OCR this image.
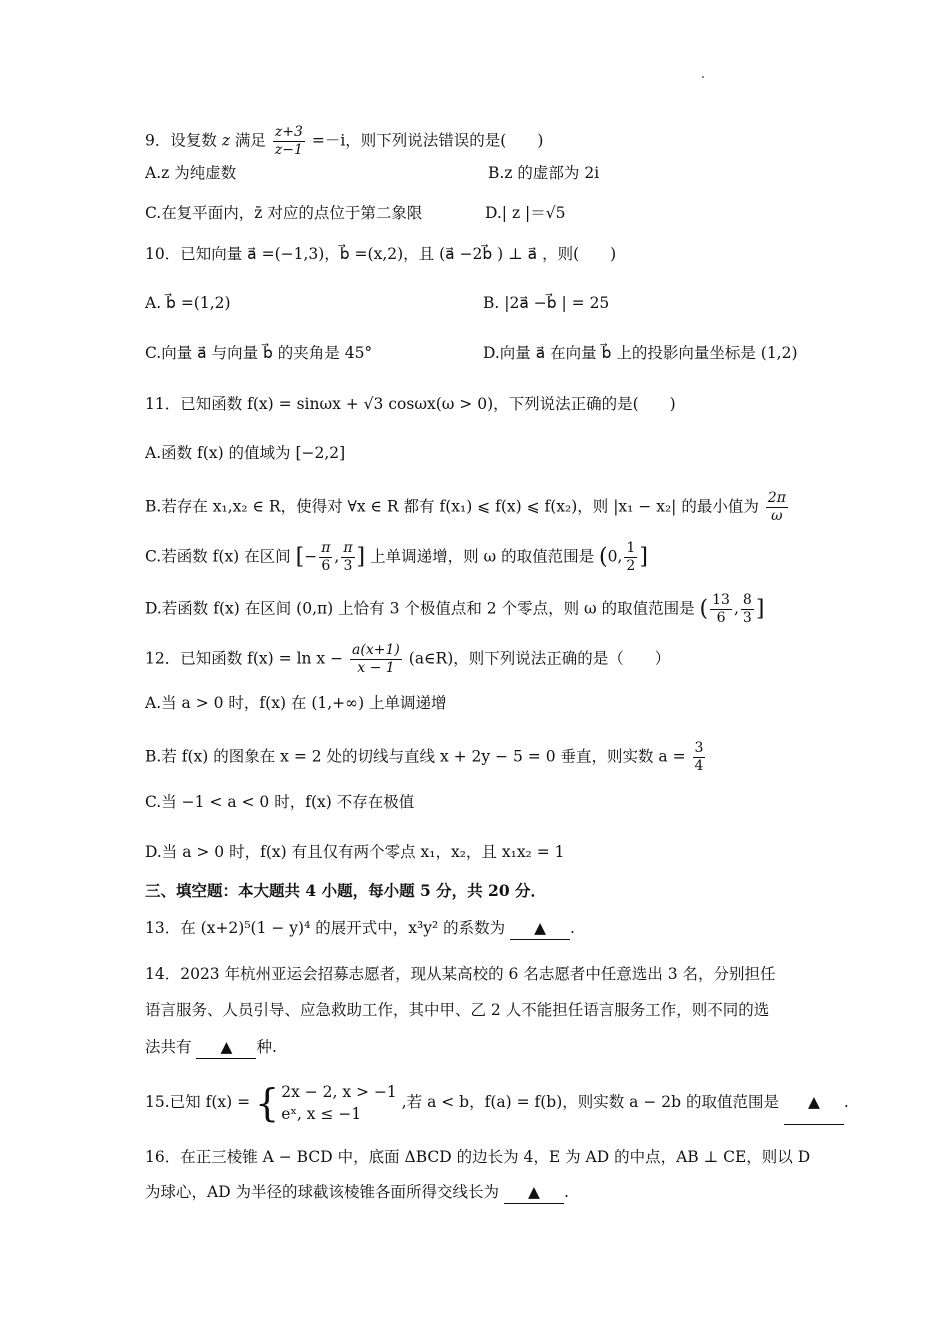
9．设复数 z 满足 $\frac{z+3}{z-1} =-i$，则下列说法错误的是(　　)
A.z 为纯虚数	B.z 的虚部为 2i
C.在复平面内，z̄ 对应的点位于第二象限	D.| z |＝√5
10．已知向量 a⃗ =(−1,3)，b⃗ =(x,2)，且 (a⃗ −2b⃗ ) ⊥ a⃗ ，则(　　)
A. b⃗ =(1,2)	B. |2a⃗ −b⃗ | = 25
C.向量 a⃗ 与向量 b⃗ 的夹角是 45°	D.向量 a⃗ 在向量 b⃗ 上的投影向量坐标是 (1,2)
11．已知函数 f(x) = sinωx + √3 cosωx(ω > 0)，下列说法正确的是(　　)
A.函数 f(x) 的值域为 [−2,2]
B.若存在 x₁,x₂ ∈ R，使得对 ∀x ∈ R 都有 f(x₁) ⩽ f(x) ⩽ f(x₂)，则 |x₁ − x₂| 的最小值为 $\frac{2\pi}{\omega}$
C.若函数 f(x) 在区间 [− $\frac{\pi}{6}$ , $\frac{\pi}{3}$ ] 上单调递增，则 ω 的取值范围是 (0, $\frac{1}{2}$ ]
D.若函数 f(x) 在区间 (0,π) 上恰有 3 个极值点和 2 个零点，则 ω 的取值范围是 ( $\frac{13}{6}$ , $\frac{8}{3}$ ]
12．已知函数 $f(x) = \ln x - \frac{a(x+1)}{x - 1}$ (a∈R)，则下列说法正确的是（　　）
A.当 a > 0 时，f(x) 在 (1,+∞) 上单调递增
B.若 f(x) 的图象在 x = 2 处的切线与直线 x + 2y − 5 = 0 垂直，则实数 $a = \frac{3}{4}$
C.当 −1 < a < 0 时，f(x) 不存在极值
D.当 a > 0 时，f(x) 有且仅有两个零点 x₁，x₂，且 x₁x₂ = 1
三、填空题：本大题共 4 小题，每小题 5 分，共 20 分．
13．在 (x+2)⁵(1 − y)⁴ 的展开式中，x³y² 的系数为 ▲ .
14．2023 年杭州亚运会招募志愿者，现从某高校的 6 名志愿者中任意选出 3 名，分别担任
语言服务、人员引导、应急救助工作，其中甲、乙 2 人不能担任语言服务工作，则不同的选
法共有 ▲ 种.
15.已知 f(x) = { 2x − 2, x > −1
eˣ, x ≤ −1
,若 a < b，f(a) = f(b)，则实数 a − 2b 的取值范围是 ▲ .
16．在正三棱锥 A − BCD 中，底面 ΔBCD 的边长为 4，E 为 AD 的中点，AB ⊥ CE，则以 D
为球心，AD 为半径的球截该棱锥各面所得交线长为 ▲ .
